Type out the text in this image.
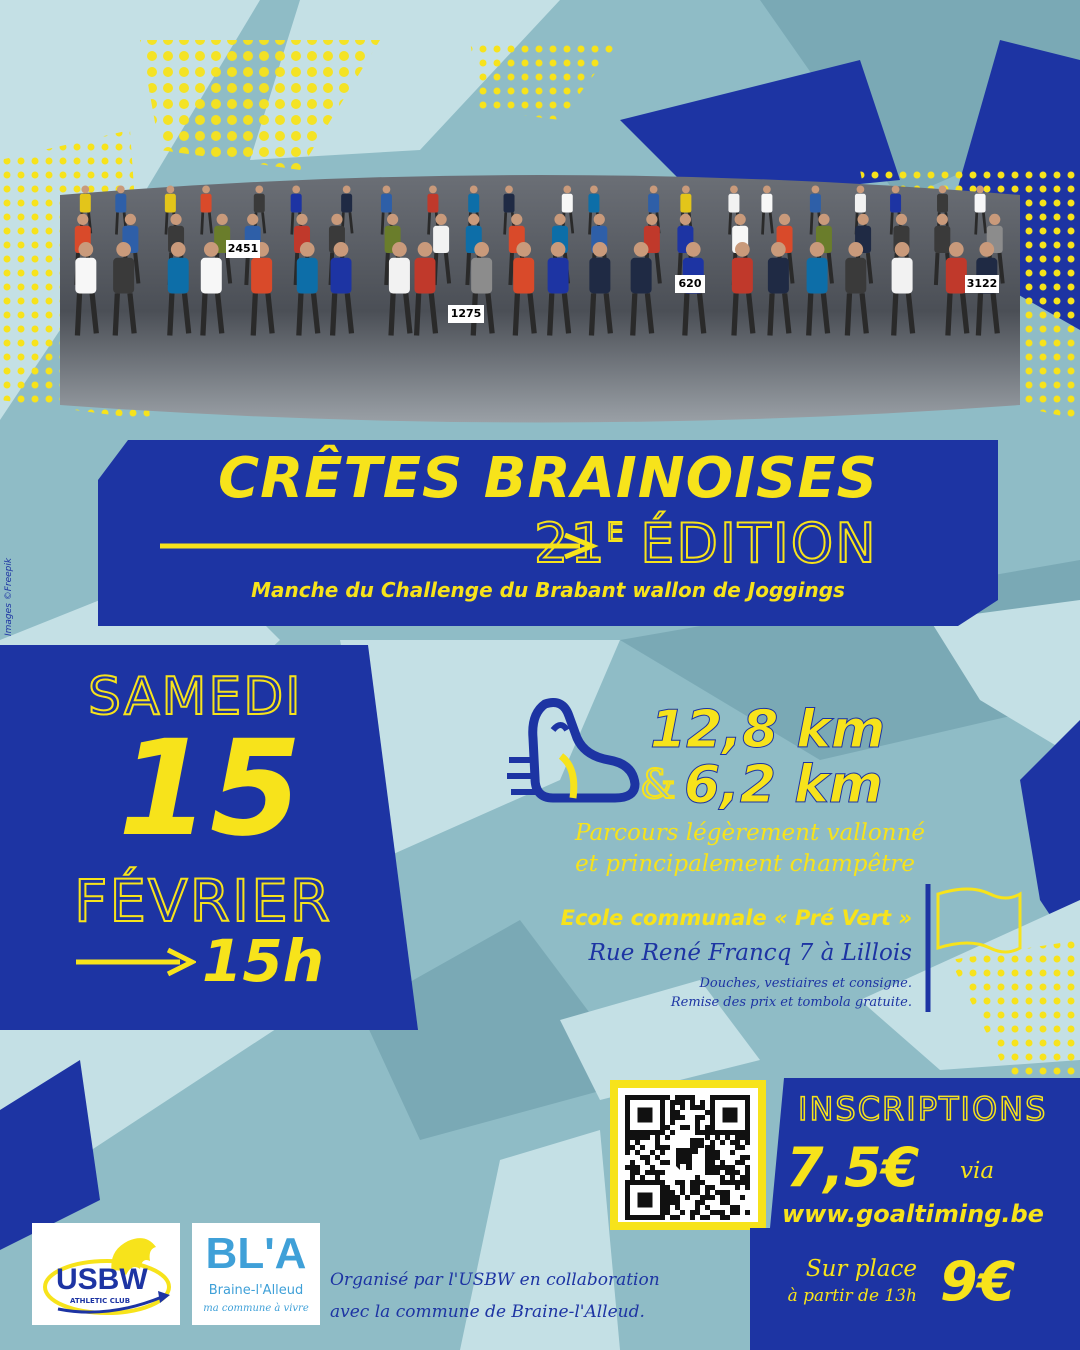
2451
1275
620	3122
Images ©Freepik
CRÊTES BRAINOISES
21E ÉDITION
Manche du Challenge du Brabant wallon de Joggings
SAMEDI
15
FÉVRIER
15h
12,8 km
& 6,2 km
Parcours légèrement vallonné
et principalement champêtre
Ecole communale « Pré Vert »
Rue René Francq 7 à Lillois
Douches, vestiaires et consigne.
Remise des prix et tombola gratuite.
INSCRIPTIONS
7,5€ via
www.goaltiming.be
Sur place
à partir de 13h 9€
USBW
ATHLETIC CLUB
BL'A
Braine-l'Alleud
ma commune à vivre
Organisé par l'USBW en collaboration
avec la commune de Braine-l'Alleud.
